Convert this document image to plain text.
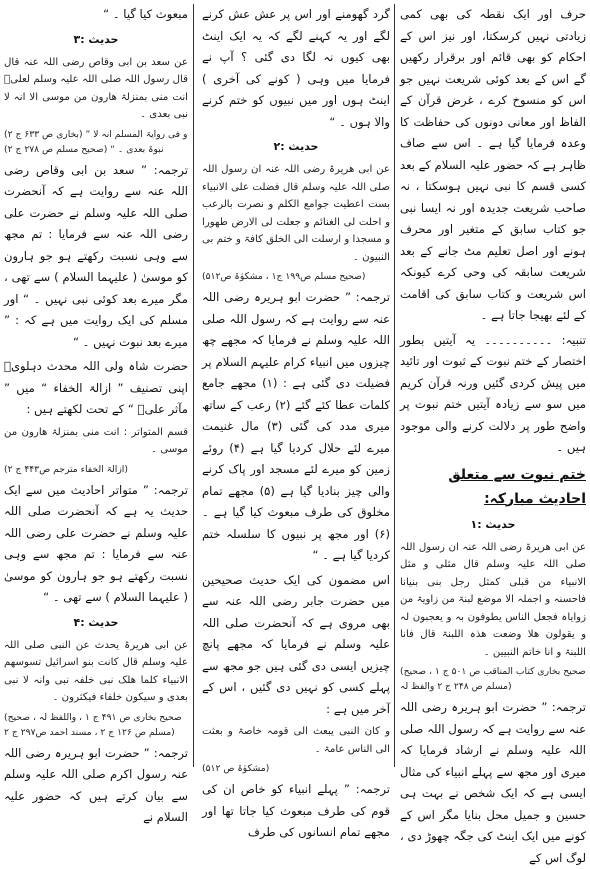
حرف اور ایک نقطہ کی بھی کمی زیادتی نہیں کرسکتا، اور نیز اس کے احکام کو بھی قائم اور برقرار رکھیں گے اس کے بعد کوئی شریعت نہیں جو اس کو منسوخ کرے ، غرض قرآن کے الفاظ اور معانی دونوں کی حفاظت کا وعدہ فرمایا گیا ہے ۔ اس سے صاف ظاہر ہے کہ حضور علیہ السلام کے بعد کسی قسم کا نبی نہیں ہوسکتا ، نہ صاحب شریعت جدیدہ اور نہ ایسا نبی جو کتاب سابق کے متغیر اور محرف ہونے اور اصل تعلیم مٹ جانے کے بعد شریعت سابقہ کی وحی کرے کیونکہ اس شریعت و کتاب سابق کی اقامت کے لئے بھیجا جاتا ہے ۔

تنبیہ: ۔۔۔۔۔۔۔۔۔۔ یہ آیتیں بطور اختصار کے ختم نبوت کے ثبوت اور تائید میں پیش کردی گئیں ورنہ قرآن کریم میں سو سے زیادہ آیتیں ختم نبوت پر واضح طور پر دلالت کرنے والی موجود ہیں ۔

ختم نبوت سے متعلق احادیث مبارکہ:
حدیث :۱

عن ابی ھریرۃ رضی اللہ عنہ ان رسول اللہ صلی اللہ علیہ وسلم قال مثلی و مثل الانبیاء من قبلی کمثل رجل بنی بنیانا فاحسنہ و اجملہ الا موضع لبنۃ من زاویۃ من زوایاہ فجعل الناس یطوفون بہ و یعجبون لہ و یقولون ھلا وضعت ھذہ اللبنۃ قال فانا اللبنۃ و انا خاتم النبیین ۔

(صحیح بخاری کتاب المناقب ص ۵۰۱ ج ۱ ، صحیح مسلم ص ۲۴۸ ج ۲ والفظ لہ)

ترجمہ: ” حضرت ابو ہریرہ رضی اللہ عنہ سے روایت ہے کہ رسول اللہ صلی اللہ علیہ وسلم نے ارشاد فرمایا کہ میری اور مجھ سے پہلے انبیاء کی مثال ایسی ہے کہ ایک شخص نے بہت ہی حسین و جمیل محل بنایا مگر اس کے کونے میں ایک اینٹ کی جگہ چھوڑ دی ، لوگ اس کے

گرد گھومنے اور اس پر عش عش کرنے لگے اور یہ کہنے لگے کہ یہ ایک اینٹ بھی کیوں نہ لگا دی گئی ؟ آپ نے فرمایا میں وہی ( کونے کی آخری ) اینٹ ہوں اور میں نبیوں کو ختم کرنے والا ہوں ۔ “

حدیث :۲

عن ابی ھریرۃ رضی اللہ عنہ ان رسول اللہ صلی اللہ علیہ وسلم قال فضلت علی الانبیاء بست اعطیت جوامع الکلم و نصرت بالرعب و احلت لی الغنائم و جعلت لی الارض طھورا و مسجدا و ارسلت الی الخلق کافۃ و ختم بی النبیون ۔

(صحیح مسلم ص۱۹۹ ج۱ ، مشکوٰۃ ص۵۱۲)

ترجمہ: ” حضرت ابو ہریرہ رضی اللہ عنہ سے روایت ہے کہ رسول اللہ صلی اللہ علیہ وسلم نے فرمایا کہ مجھے چھ چیزوں میں انبیاء کرام علیہم السلام پر فضیلت دی گئی ہے : (۱) مجھے جامع کلمات عطا کئے گئے (۲) رعب کے ساتھ میری مدد کی گئی (۳) مال غنیمت میرے لئے حلال کردیا گیا ہے (۴) روئے زمین کو میرے لئے مسجد اور پاک کرنے والی چیز بنادیا گیا ہے (۵) مجھے تمام مخلوق کی طرف مبعوث کیا گیا ہے ۔ (۶) اور مجھ پر نبیوں کا سلسلہ ختم کردیا گیا ہے ۔ “

اس مضمون کی ایک حدیث صحیحین میں حضرت جابر رضی اللہ عنہ سے بھی مروی ہے کہ آنحضرت صلی اللہ علیہ وسلم نے فرمایا کہ مجھے پانچ چیزیں ایسی دی گئی ہیں جو مجھ سے پہلے کسی کو نہیں دی گئیں ، اس کے آخر میں ہے :

و کان النبی یبعث الی قومہ خاصۃ و بعثت الی الناس عامۃ ۔

(مشکوٰۃ ص ۵۱۲)

ترجمہ: ” پہلے انبیاء کو خاص ان کی قوم کی طرف مبعوث کیا جاتا تھا اور مجھے تمام انسانوں کی طرف

مبعوث کیا گیا ۔ “

حدیث :۳

عن سعد بن ابی وقاص رضی اللہ عنہ قال قال رسول اللہ صلی اللہ علیہ وسلم لعلیؓ انت منی بمنزلۃ ھارون من موسی الا انہ لا نبی بعدی ۔

(بخاری ص ۶۳۳ ج ۲) ” و فی روایۃ المسلم انہ لا نبوۃ بعدی ۔ “ (صحیح مسلم ص ۲۷۸ ج ۲)

ترجمہ: ” سعد بن ابی وقاص رضی اللہ عنہ سے روایت ہے کہ آنحضرت صلی اللہ علیہ وسلم نے حضرت علی رضی اللہ عنہ سے فرمایا : تم مجھ سے وہی نسبت رکھتے ہو جو ہارون کو موسیٰ ( علیہما السلام ) سے تھی ، مگر میرے بعد کوئی نبی نہیں ۔ “ اور مسلم کی ایک روایت میں ہے کہ : ” میرے بعد نبوت نہیں ۔ “

حضرت شاہ ولی اللہ محدث دہلویؒ اپنی تصنیف ” ازالۃ الخفاء “ میں ” مآثر علیؓ “ کے تحت لکھتے ہیں :

قسم المتواتر : انت منی بمنزلۃ ھارون من موسی ۔

(ازالۃ الخفاء مترجم ص۴۴۳ ج ۲)

ترجمہ: ” متواتر احادیث میں سے ایک حدیث یہ ہے کہ آنحضرت صلی اللہ علیہ وسلم نے حضرت علی رضی اللہ عنہ سے فرمایا : تم مجھ سے وہی نسبت رکھتے ہو جو ہارون کو موسیٰ ( علیہما السلام ) سے تھی ۔ “

حدیث :۴

عن ابی ھریرۃ یحدث عن النبی صلی اللہ علیہ وسلم قال کانت بنو اسرائیل تسوسھم الانبیاء کلما ھلک نبی خلفہ نبی وانہ لا نبی بعدی و سیکون خلفاء فیکثرون ۔

(صحیح بخاری ص ۴۹۱ ج ۱ ، واللفظ لہ ، صحیح مسلم ص ۱۲۶ ج ۲ ، مسند احمد ص۲۹۷ ج ۲)

ترجمہ: ” حضرت ابو ہریرہ رضی اللہ عنہ رسول اکرم صلی اللہ علیہ وسلم سے بیان کرتے ہیں کہ حضور علیہ السلام نے
